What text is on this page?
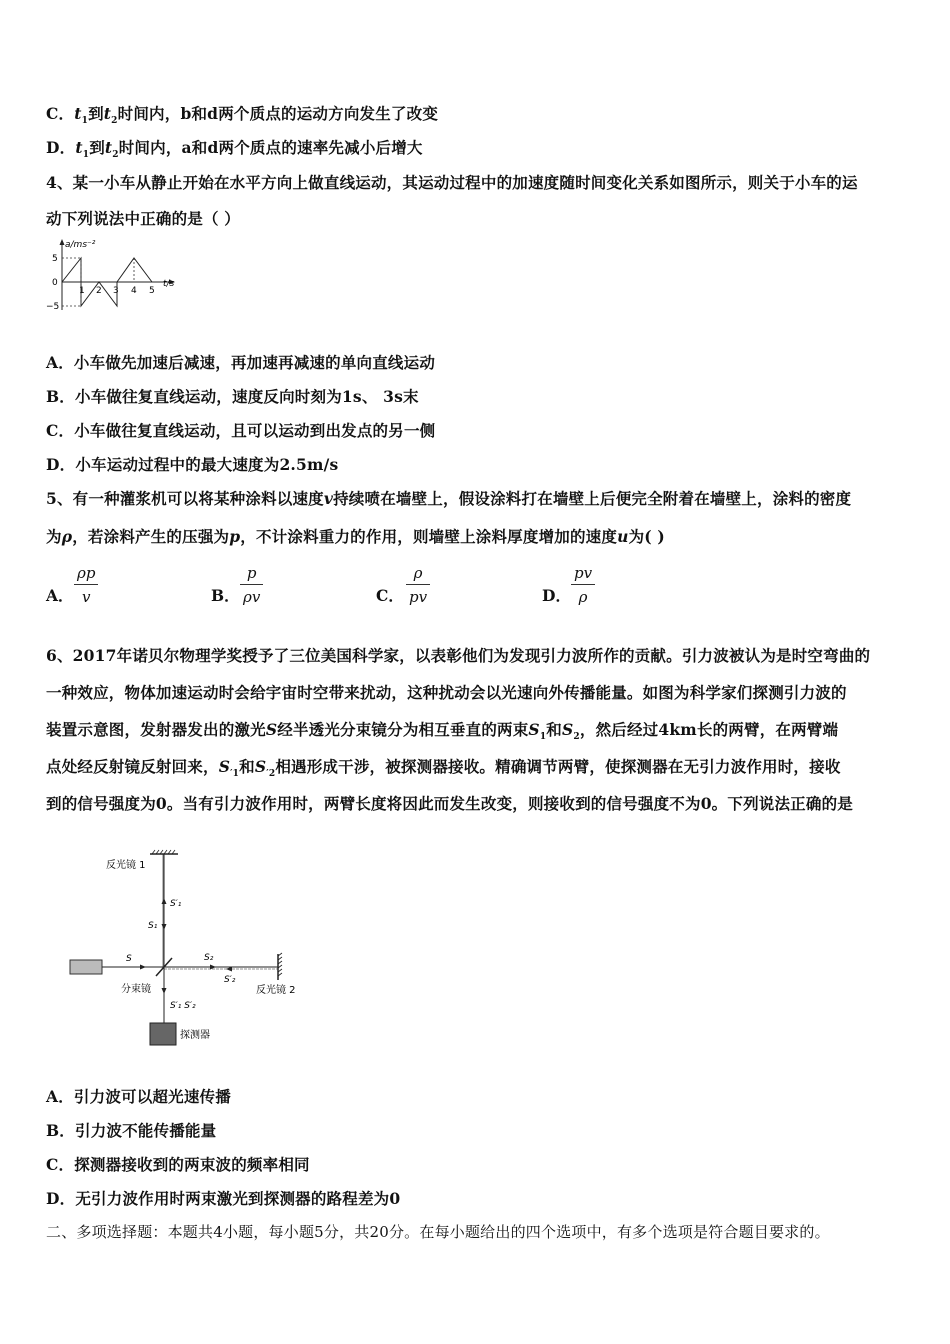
C．$t_1$到$t_2$时间内，b和d两个质点的运动方向发生了改变
D．$t_1$到$t_2$时间内，a和d两个质点的速率先减小后增大
4、某一小车从静止开始在水平方向上做直线运动，其运动过程中的加速度随时间变化关系如图所示，则关于小车的运
动下列说法中正确的是（ ）
a/ms⁻²
t/s
5
0
−5
1 2 3 4 5
A．小车做先加速后减速，再加速再减速的单向直线运动
B．小车做往复直线运动，速度反向时刻为1s、 3s末
C．小车做往复直线运动，且可以运动到出发点的另一侧
D．小车运动过程中的最大速度为2.5m/s
5、有一种灌浆机可以将某种涂料以速度v持续喷在墙壁上，假设涂料打在墙壁上后便完全附着在墙壁上，涂料的密度
为ρ，若涂料产生的压强为p，不计涂料重力的作用，则墙壁上涂料厚度增加的速度u为( )
A． $\frac{\rho p}{v}$	B． $\frac{p}{\rho v}$	C． $\frac{\rho}{pv}$	D． $\frac{pv}{\rho}$
6、2017年诺贝尔物理学奖授予了三位美国科学家，以表彰他们为发现引力波所作的贡献。引力波被认为是时空弯曲的
一种效应，物体加速运动时会给宇宙时空带来扰动，这种扰动会以光速向外传播能量。如图为科学家们探测引力波的
装置示意图，发射器发出的激光S经半透光分束镜分为相互垂直的两束$S_1$和$S_2$，然后经过4km长的两臂，在两臂端
点处经反射镜反射回来，$S_{'1}$和$S_{'2}$相遇形成干涉，被探测器接收。精确调节两臂，使探测器在无引力波作用时，接收
到的信号强度为0。当有引力波作用时，两臂长度将因此而发生改变，则接收到的信号强度不为0。下列说法正确的是
反光镜 1
S′₁
S₁
S
分束镜
S₂
S′₂
反光镜 2
S′₁ S′₂
探测器
A．引力波可以超光速传播
B．引力波不能传播能量
C．探测器接收到的两束波的频率相同
D．无引力波作用时两束激光到探测器的路程差为0
二、多项选择题：本题共4小题，每小题5分，共20分。在每小题给出的四个选项中，有多个选项是符合题目要求的。
